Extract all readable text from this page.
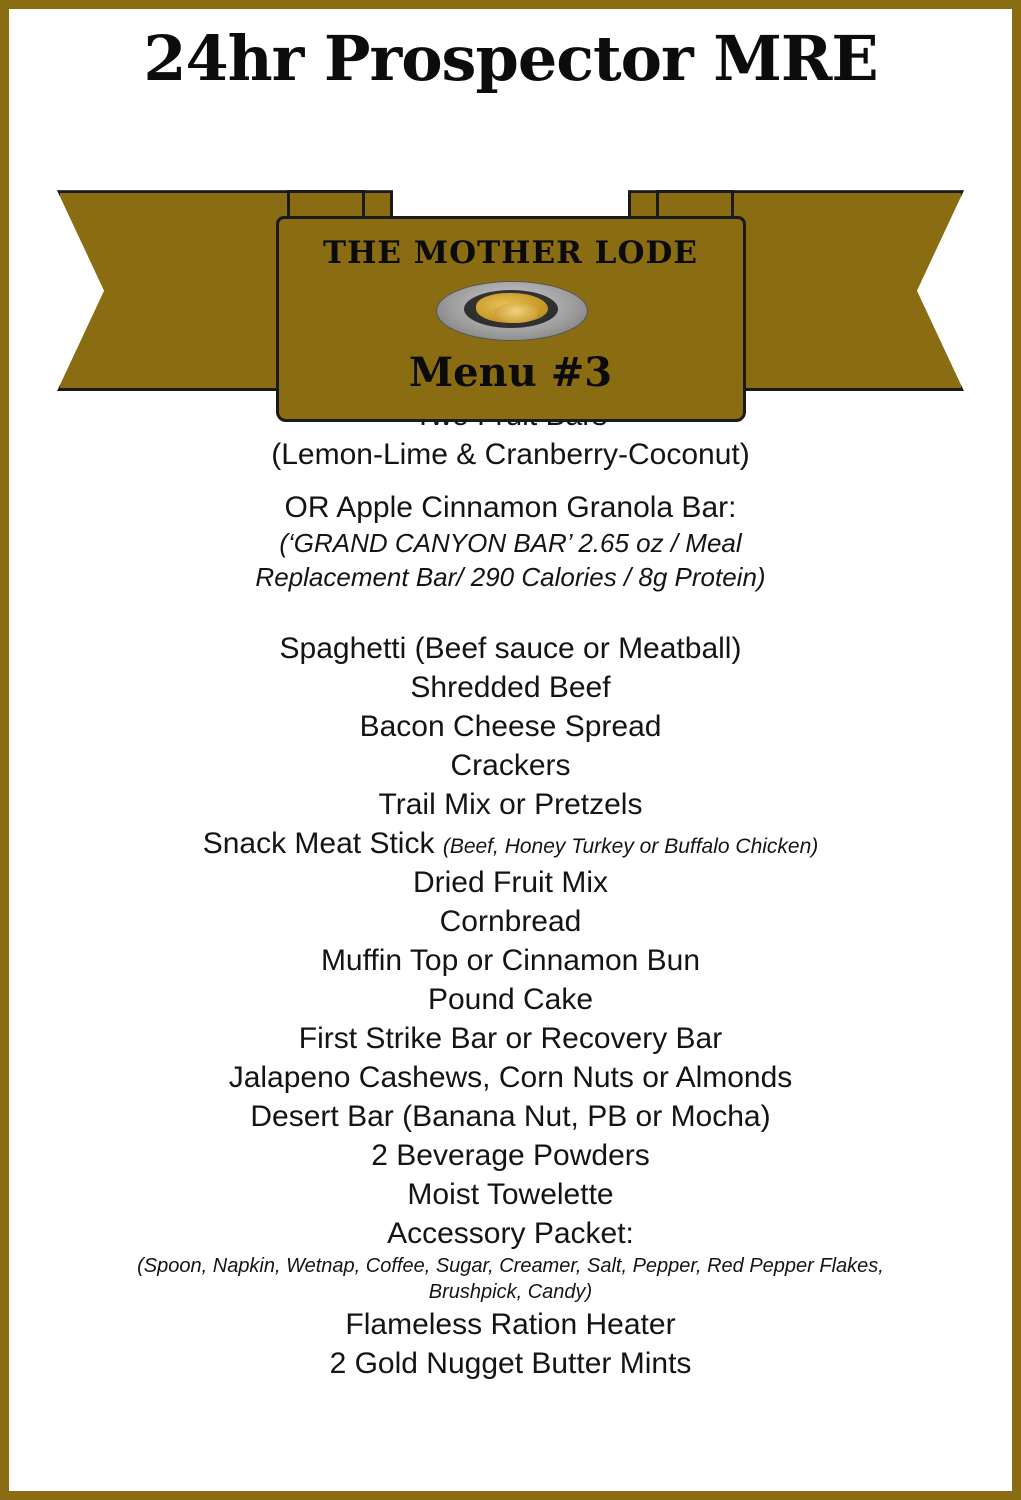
24hr Prospector MRE
THE MOTHER LODE
Menu #3
(Lemon-Lime & Cranberry-Coconut)
OR Apple Cinnamon Granola Bar:
(‘GRAND CANYON BAR’ 2.65 oz / Meal
Replacement Bar/ 290 Calories / 8g Protein)
Spaghetti (Beef sauce or Meatball)
Shredded Beef
Bacon Cheese Spread
Crackers
Trail Mix or Pretzels
Snack Meat Stick (Beef, Honey Turkey or Buffalo Chicken)
Dried Fruit Mix
Cornbread
Muffin Top or Cinnamon Bun
Pound Cake
First Strike Bar or Recovery Bar
Jalapeno Cashews, Corn Nuts or Almonds
Desert Bar (Banana Nut, PB or Mocha)
2 Beverage Powders
Moist Towelette
Accessory Packet:
(Spoon, Napkin, Wetnap, Coffee, Sugar, Creamer, Salt, Pepper, Red Pepper Flakes,
Brushpick, Candy)
Flameless Ration Heater
2 Gold Nugget Butter Mints
